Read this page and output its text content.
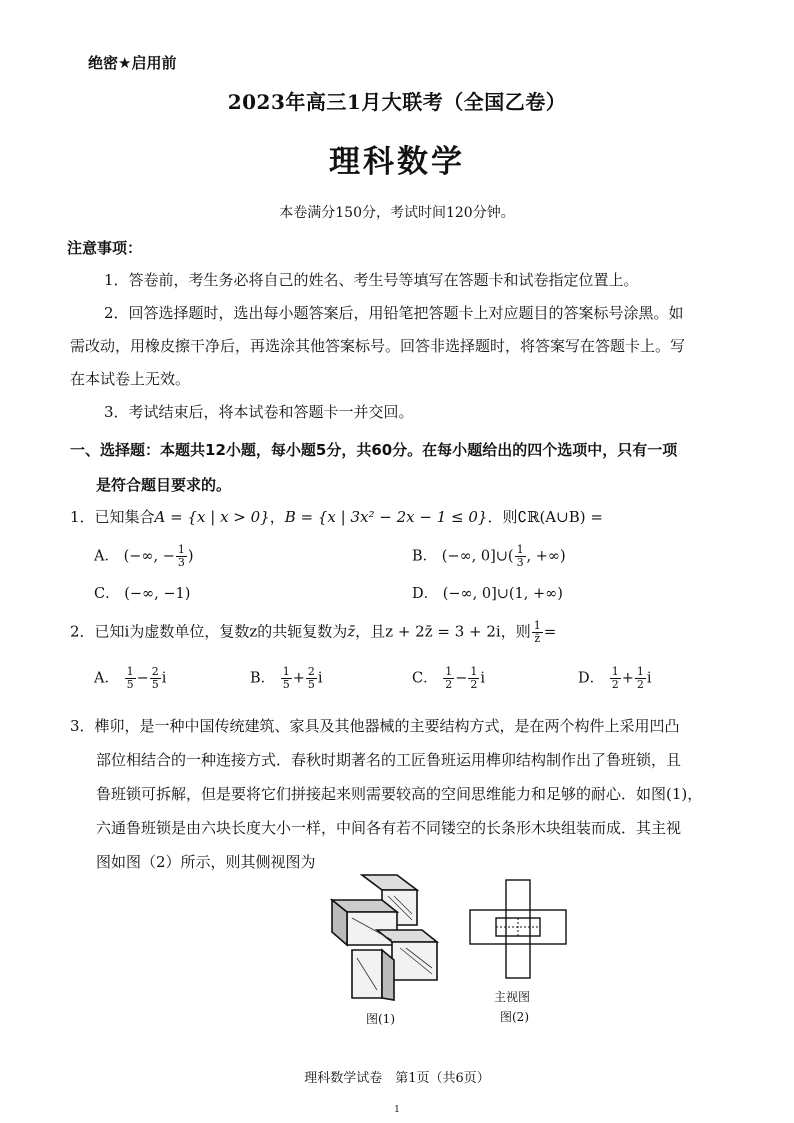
绝密★启用前
2023年高三1月大联考（全国乙卷）
理科数学
本卷满分150分，考试时间120分钟。
注意事项：

1．答卷前，考生务必将自己的姓名、考生号等填写在答题卡和试卷指定位置上。

2．回答选择题时，选出每小题答案后，用铅笔把答题卡上对应题目的答案标号涂黑。如

需改动，用橡皮擦干净后，再选涂其他答案标号。回答非选择题时，将答案写在答题卡上。写

在本试卷上无效。

3．考试结束后，将本试卷和答题卡一并交回。

一、选择题：本题共12小题，每小题5分，共60分。在每小题给出的四个选项中，只有一项

是符合题目要求的。

1．已知集合A = {x | x > 0}，B = {x | 3x² − 2x − 1 ≤ 0}．则∁ℝ(A∪B) =

A． (−∞, − $\frac{1}{3}$ )	B． (−∞, 0]∪( $\frac{1}{3}$ , +∞)
C． (−∞, −1)	D． (−∞, 0]∪(1, +∞)

2．已知i为虚数单位，复数z的共轭复数为z̄，且z + 2z̄ = 3 + 2i，则 $\frac{1}{z̄}$ =

A． $\frac{1}{5} - \frac{2}{5}$ i	B． $\frac{1}{5} + \frac{2}{5}$ i	C． $\frac{1}{2} - \frac{1}{2}$ i	D． $\frac{1}{2} + \frac{1}{2}$ i

3．榫卯，是一种中国传统建筑、家具及其他器械的主要结构方式，是在两个构件上采用凹凸

部位相结合的一种连接方式．春秋时期著名的工匠鲁班运用榫卯结构制作出了鲁班锁，且

鲁班锁可拆解，但是要将它们拼接起来则需要较高的空间思维能力和足够的耐心．如图(1)，

六通鲁班锁是由六块长度大小一样，中间各有若不同镂空的长条形木块组装而成．其主视

图如图（2）所示，则其侧视图为

图(1)
主视图
图(2)
理科数学试卷　第1页（共6页）
1
